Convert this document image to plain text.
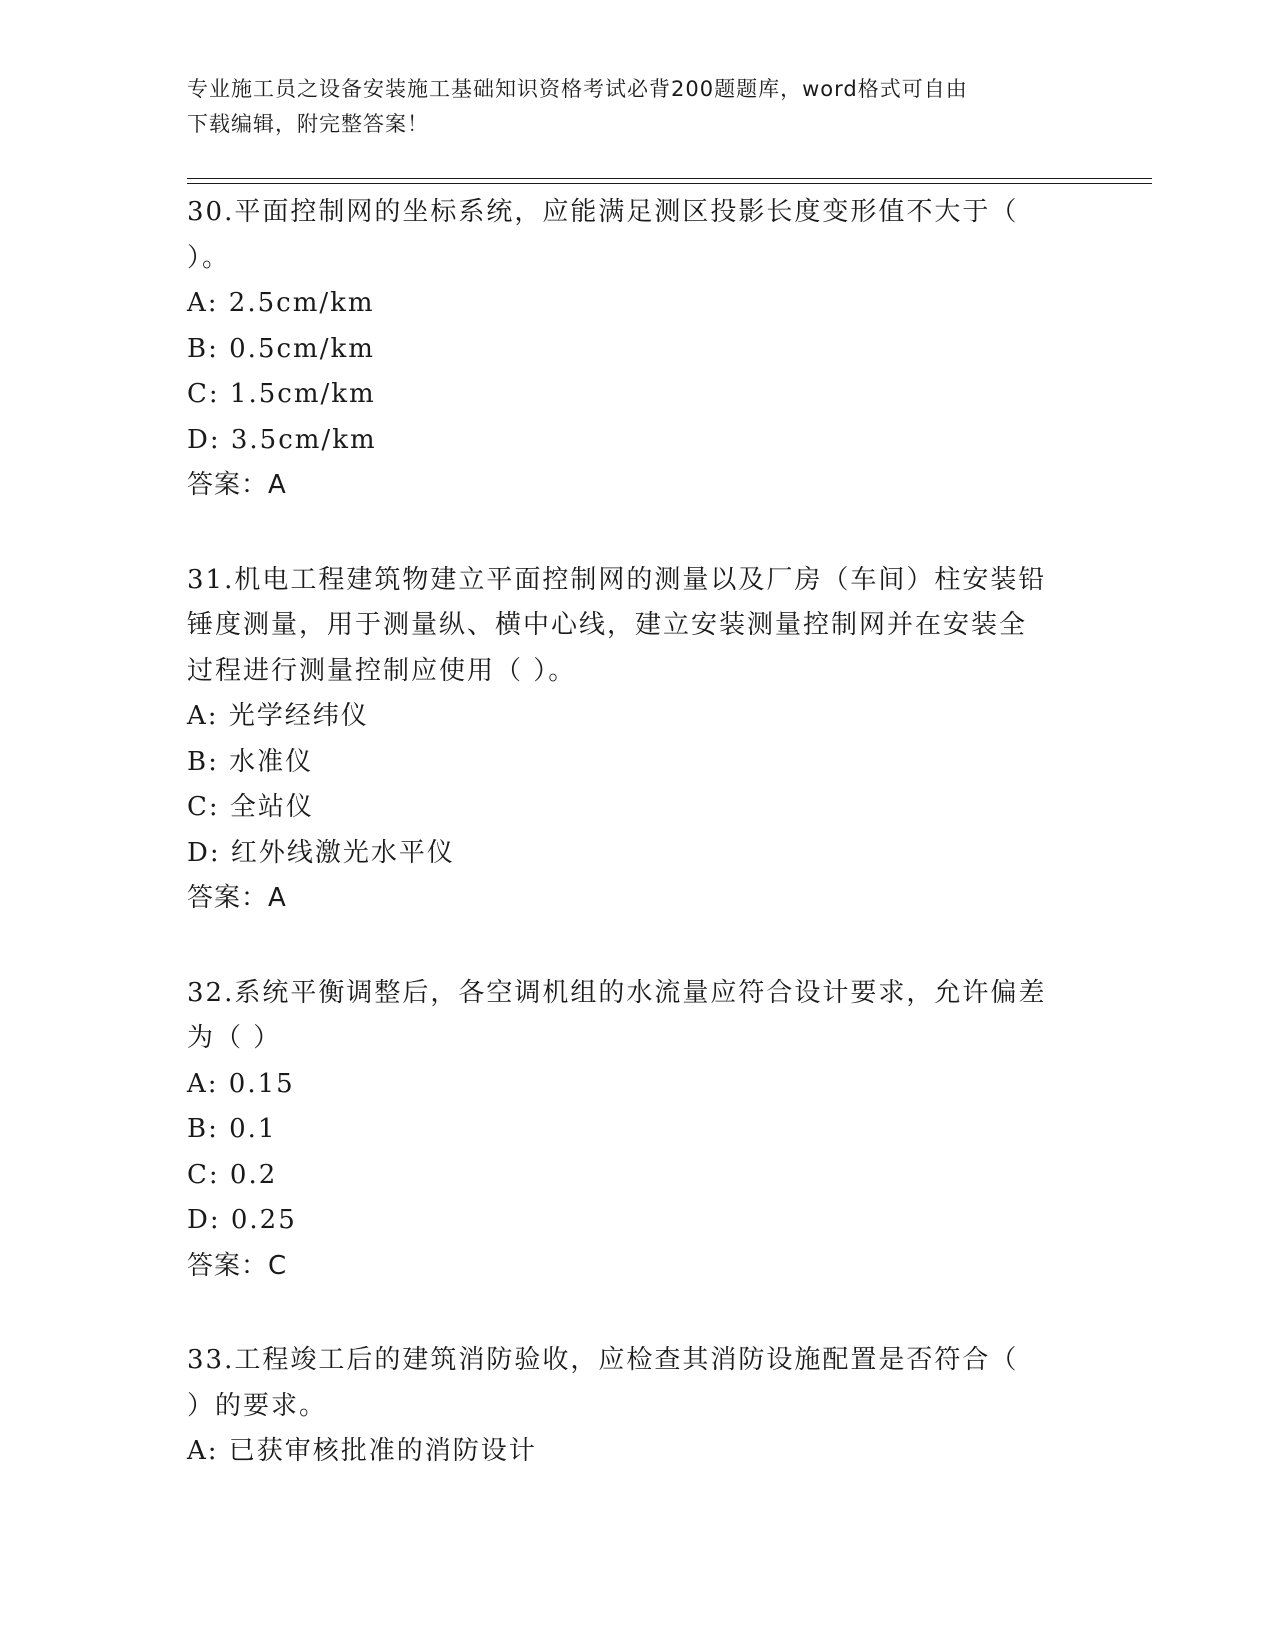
专业施工员之设备安装施工基础知识资格考试必背200题题库，word格式可自由
下载编辑，附完整答案！
30.平面控制网的坐标系统，应能满足测区投影长度变形值不大于（
）。
A: 2.5cm/km
B: 0.5cm/km
C: 1.5cm/km
D: 3.5cm/km
答案：A
31.机电工程建筑物建立平面控制网的测量以及厂房（车间）柱安装铅
锤度测量，用于测量纵、横中心线，建立安装测量控制网并在安装全
过程进行测量控制应使用（ ）。
A: 光学经纬仪
B: 水准仪
C: 全站仪
D: 红外线激光水平仪
答案：A
32.系统平衡调整后，各空调机组的水流量应符合设计要求，允许偏差
为（ ）
A: 0.15
B: 0.1
C: 0.2
D: 0.25
答案：C
33.工程竣工后的建筑消防验收，应检查其消防设施配置是否符合（
）的要求。
A: 已获审核批准的消防设计
